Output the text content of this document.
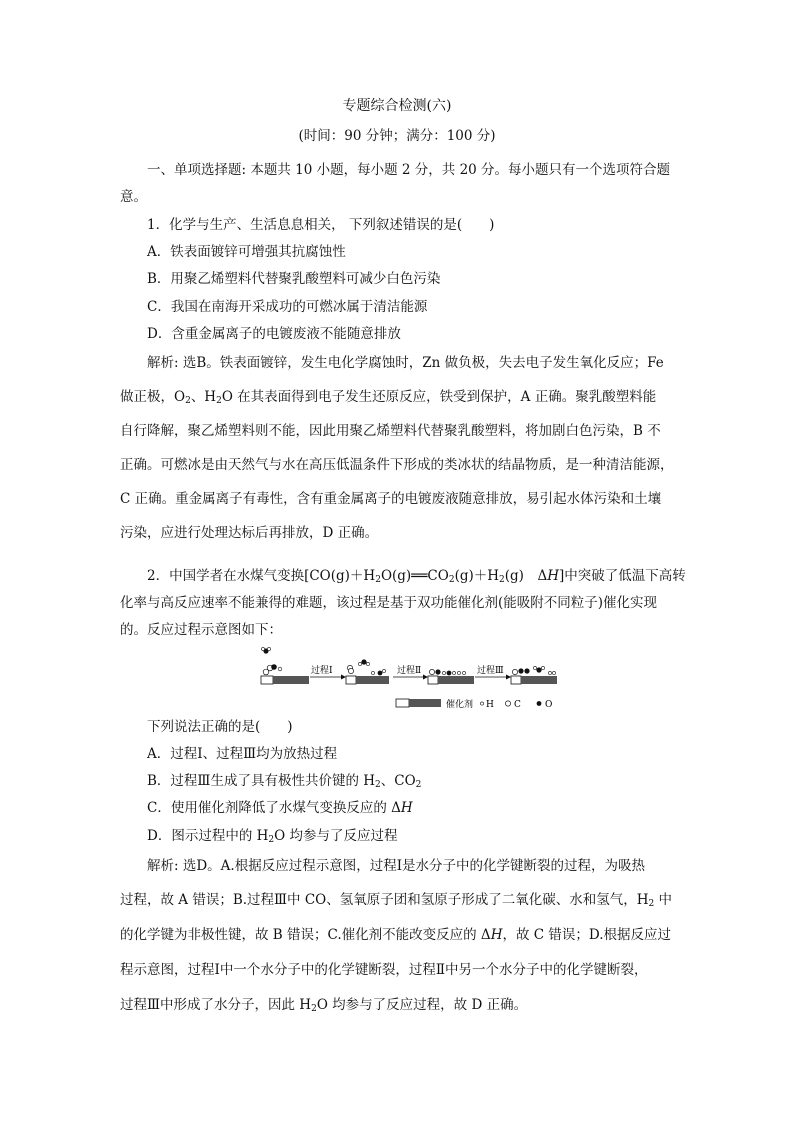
专题综合检测(六)
(时间：90 分钟；满分：100 分)
一、单项选择题: 本题共 10 小题，每小题 2 分，共 20 分。每小题只有一个选项符合题
意。
1．化学与生产、生活息息相关， 下列叙述错误的是(　　)
A．铁表面镀锌可增强其抗腐蚀性
B．用聚乙烯塑料代替聚乳酸塑料可减少白色污染
C．我国在南海开采成功的可燃冰属于清洁能源
D．含重金属离子的电镀废液不能随意排放
解析: 选B。铁表面镀锌，发生电化学腐蚀时，Zn 做负极，失去电子发生氧化反应；Fe
做正极，$O_2$、$H_2O$ 在其表面得到电子发生还原反应，铁受到保护，A 正确。聚乳酸塑料能
自行降解，聚乙烯塑料则不能，因此用聚乙烯塑料代替聚乳酸塑料，将加剧白色污染，B 不
正确。可燃冰是由天然气与水在高压低温条件下形成的类冰状的结晶物质，是一种清洁能源，
C 正确。重金属离子有毒性，含有重金属离子的电镀废液随意排放，易引起水体污染和土壤
污染，应进行处理达标后再排放，D 正确。
2．中国学者在水煤气变换[$CO(g)+H_2O(g)══CO_2(g)+H_2(g)$　ΔH]中突破了低温下高转
化率与高反应速率不能兼得的难题，该过程是基于双功能催化剂(能吸附不同粒子)催化实现
的。反应过程示意图如下：
过程Ⅰ	过程Ⅱ	过程Ⅲ
催化剂 H C	O
下列说法正确的是(　　)
A．过程Ⅰ、过程Ⅲ均为放热过程
B．过程Ⅲ生成了具有极性共价键的 $H_2$、$CO_2$
C．使用催化剂降低了水煤气变换反应的 ΔH
D．图示过程中的 $H_2O$ 均参与了反应过程
解析: 选D。A.根据反应过程示意图，过程Ⅰ是水分子中的化学键断裂的过程，为吸热
过程，故 A 错误；B.过程Ⅲ中 CO、氢氧原子团和氢原子形成了二氧化碳、水和氢气，$H_2$ 中
的化学键为非极性键，故 B 错误；C.催化剂不能改变反应的 ΔH，故 C 错误；D.根据反应过
程示意图，过程Ⅰ中一个水分子中的化学键断裂，过程Ⅱ中另一个水分子中的化学键断裂，
过程Ⅲ中形成了水分子，因此 $H_2O$ 均参与了反应过程，故 D 正确。
